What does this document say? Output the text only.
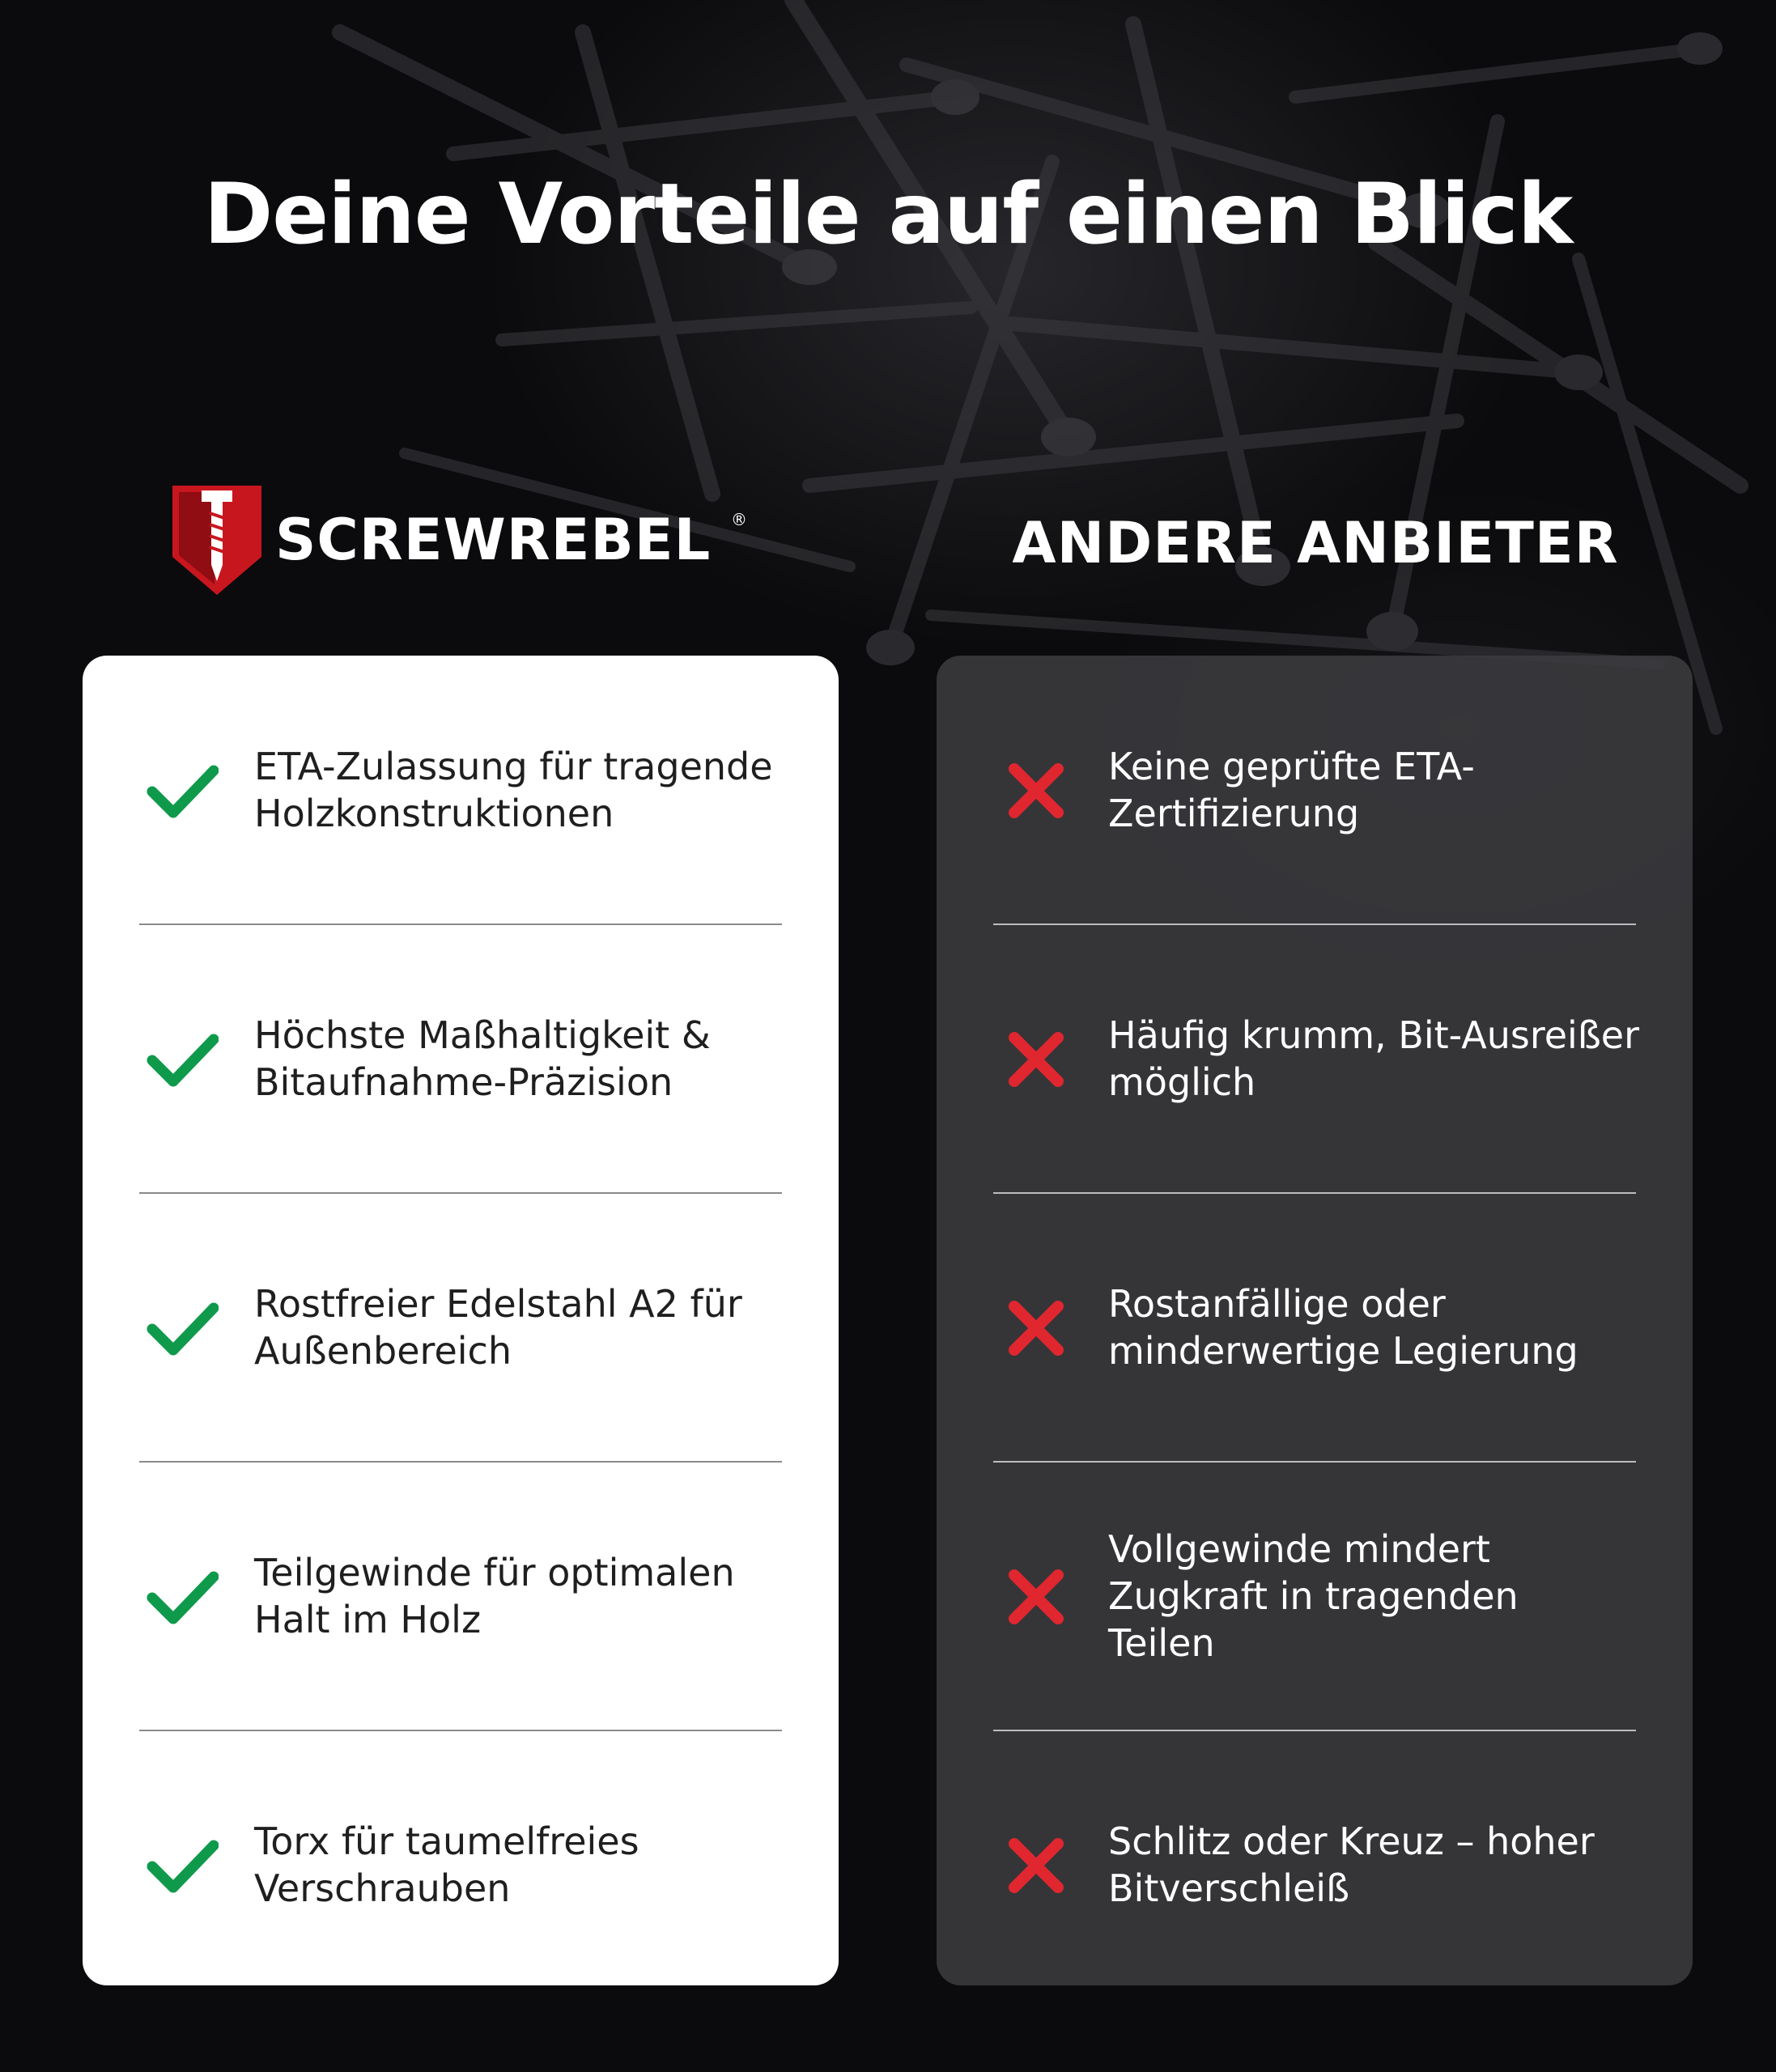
Deine Vorteile auf einen Blick
SCREWREBEL ®	ANDERE ANBIETER
ETA-Zulassung für tragende
Holzkonstruktionen
Höchste Maßhaltigkeit &
Bitaufnahme-Präzision
Rostfreier Edelstahl A2 für
Außenbereich
Teilgewinde für optimalen
Halt im Holz
Torx für taumelfreies
Verschrauben
Keine geprüfte ETA-
Zertifizierung
Häufig krumm, Bit-Ausreißer
möglich
Rostanfällige oder
minderwertige Legierung
Vollgewinde mindert
Zugkraft in tragenden
Teilen
Schlitz oder Kreuz – hoher
Bitverschleiß
